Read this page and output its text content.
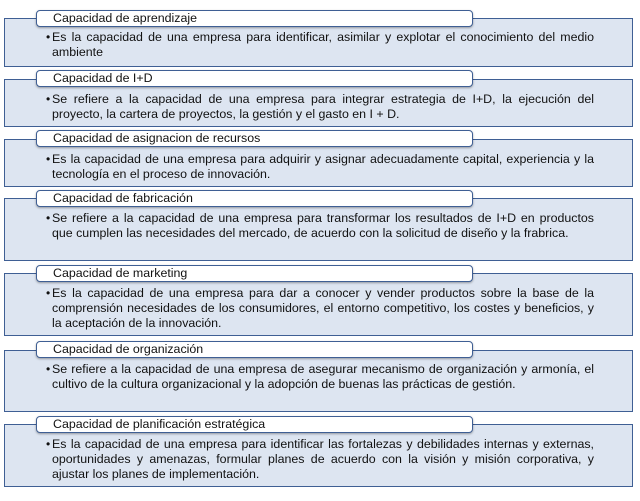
• Es la capacidad de una empresa para identificar, asimilar y explotar el conocimiento del medio ambiente
Capacidad de aprendizaje
• Se refiere a la capacidad de una empresa para integrar estrategia de I+D, la ejecución del proyecto, la cartera de proyectos, la gestión y el gasto en I + D.
Capacidad de I+D
• Es la capacidad de una empresa para adquirir y asignar adecuadamente capital, experiencia y la tecnología en el proceso de innovación.
Capacidad de asignacion de recursos
• Se refiere a la capacidad de una empresa para transformar los resultados de I+D en productos que cumplen las necesidades del mercado, de acuerdo con la solicitud de diseño y la frabrica.
Capacidad de fabricación
• Es la capacidad de una empresa para dar a conocer y vender productos sobre la base de la comprensión necesidades de los consumidores, el entorno competitivo, los costes y beneficios, y la aceptación de la innovación.
Capacidad de marketing
• Se refiere a la capacidad de una empresa de asegurar mecanismo de organización y armonía, el cultivo de la cultura organizacional y la adopción de buenas las prácticas de gestión.
Capacidad de organización
• Es la capacidad de una empresa para identificar las fortalezas y debilidades internas y externas, oportunidades y amenazas, formular planes de acuerdo con la visión y misión corporativa, y ajustar los planes de implementación.
Capacidad de planificación estratégica
